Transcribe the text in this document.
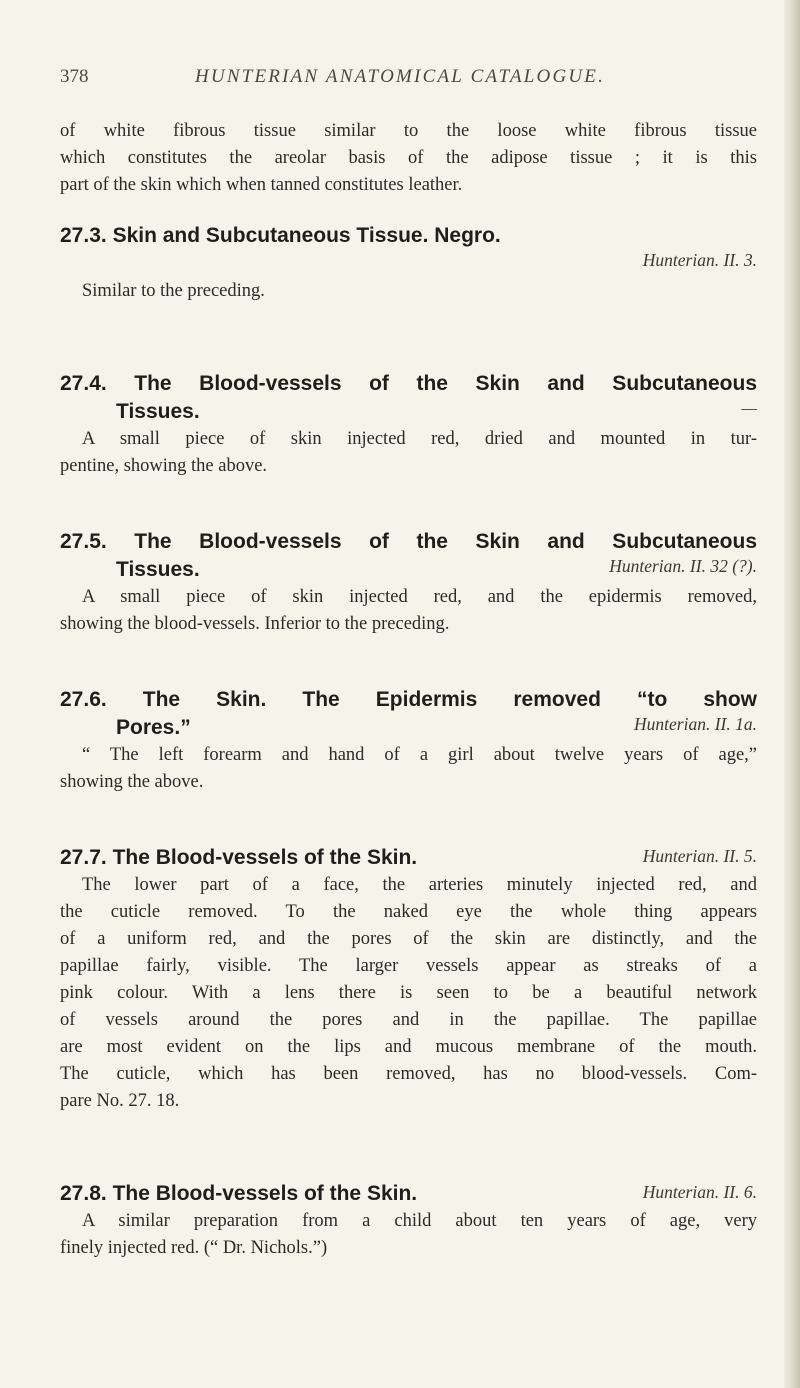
378	HUNTERIAN ANATOMICAL CATALOGUE.
of white fibrous tissue similar to the loose white fibrous tissue
which constitutes the areolar basis of the adipose tissue ; it is this
part of the skin which when tanned constitutes leather.
27.3. Skin and Subcutaneous Tissue. Negro.
Hunterian. II. 3.
Similar to the preceding.
27.4. The Blood-vessels of the Skin and Subcutaneous
Tissues.	—
A small piece of skin injected red, dried and mounted in tur-
pentine, showing the above.
27.5. The Blood-vessels of the Skin and Subcutaneous
Tissues.	Hunterian. II. 32 (?).
A small piece of skin injected red, and the epidermis removed,
showing the blood-vessels. Inferior to the preceding.
27.6. The Skin. The Epidermis removed “to show
Pores.”	Hunterian. II. 1a.
“ The left forearm and hand of a girl about twelve years of age,”
showing the above.
27.7. The Blood-vessels of the Skin.	Hunterian. II. 5.
The lower part of a face, the arteries minutely injected red, and
the cuticle removed. To the naked eye the whole thing appears
of a uniform red, and the pores of the skin are distinctly, and the
papillae fairly, visible. The larger vessels appear as streaks of a
pink colour. With a lens there is seen to be a beautiful network
of vessels around the pores and in the papillae. The papillae
are most evident on the lips and mucous membrane of the mouth.
The cuticle, which has been removed, has no blood-vessels. Com-
pare No. 27. 18.
27.8. The Blood-vessels of the Skin.	Hunterian. II. 6.
A similar preparation from a child about ten years of age, very
finely injected red. (“ Dr. Nichols.”)
